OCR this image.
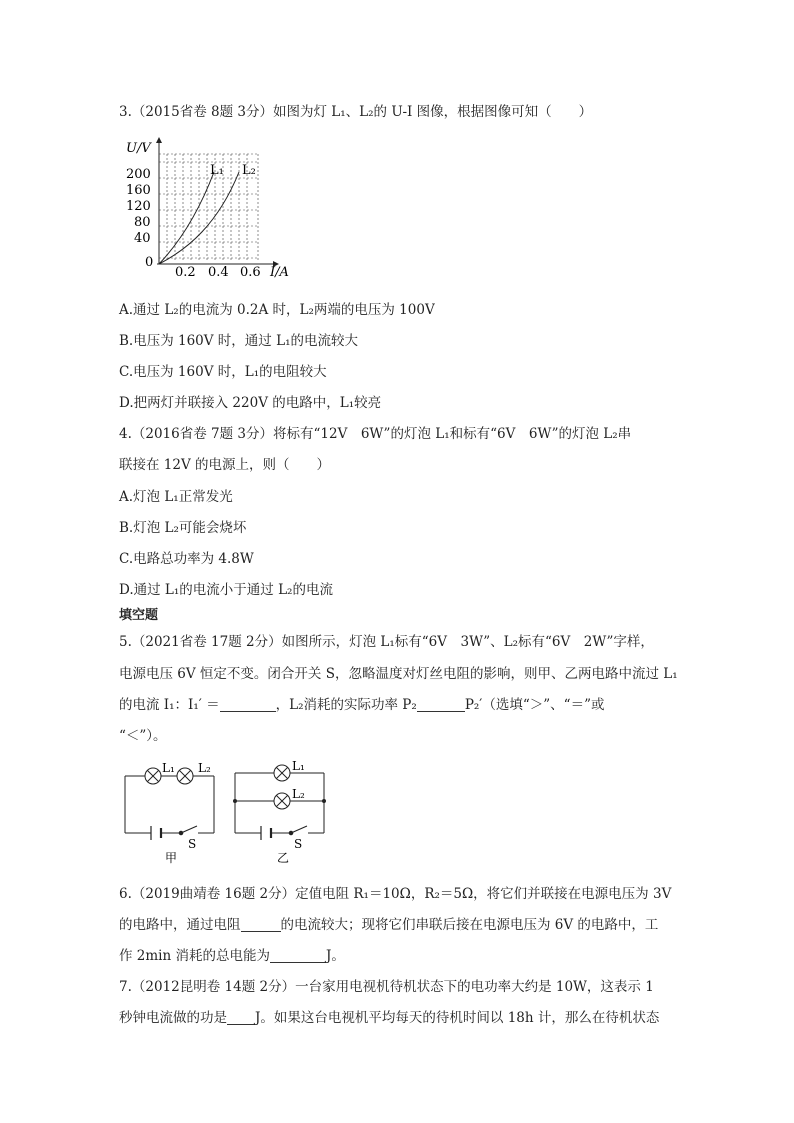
3.（2015省卷 8题 3分）如图为灯 L₁、L₂的 U-I 图像，根据图像可知（　　）
U/V
L₁ L₂
200
160
120
80
40
0
0.2 0.4 0.6 I/A
A.通过 L₂的电流为 0.2A 时，L₂两端的电压为 100V
B.电压为 160V 时，通过 L₁的电流较大
C.电压为 160V 时，L₁的电阻较大
D.把两灯并联接入 220V 的电路中，L₁较亮
4.（2016省卷 7题 3分）将标有“12V　6W”的灯泡 L₁和标有“6V　6W”的灯泡 L₂串
联接在 12V 的电源上，则（　　）
A.灯泡 L₁正常发光
B.灯泡 L₂可能会烧坏
C.电路总功率为 4.8W
D.通过 L₁的电流小于通过 L₂的电流
填空题
5.（2021省卷 17题 2分）如图所示，灯泡 L₁标有“6V　3W”、L₂标有“6V　2W”字样，
电源电压 6V 恒定不变。闭合开关 S，忽略温度对灯丝电阻的影响，则甲、乙两电路中流过 L₁
的电流 I₁：I₁′ ＝	，L₂消耗的实际功率 P₂	P₂′（选填“＞”、“＝”或
“＜”）。
L₁ L₂
S
甲
L₁
L₂
S
乙
6.（2019曲靖卷 16题 2分）定值电阻 R₁＝10Ω，R₂＝5Ω，将它们并联接在电源电压为 3V
的电路中，通过电阻	的电流较大；现将它们串联后接在电源电压为 6V 的电路中，工
作 2min 消耗的总电能为	J。
7.（2012昆明卷 14题 2分）一台家用电视机待机状态下的电功率大约是 10W，这表示 1
秒钟电流做的功是 J。如果这台电视机平均每天的待机时间以 18h 计，那么在待机状态
